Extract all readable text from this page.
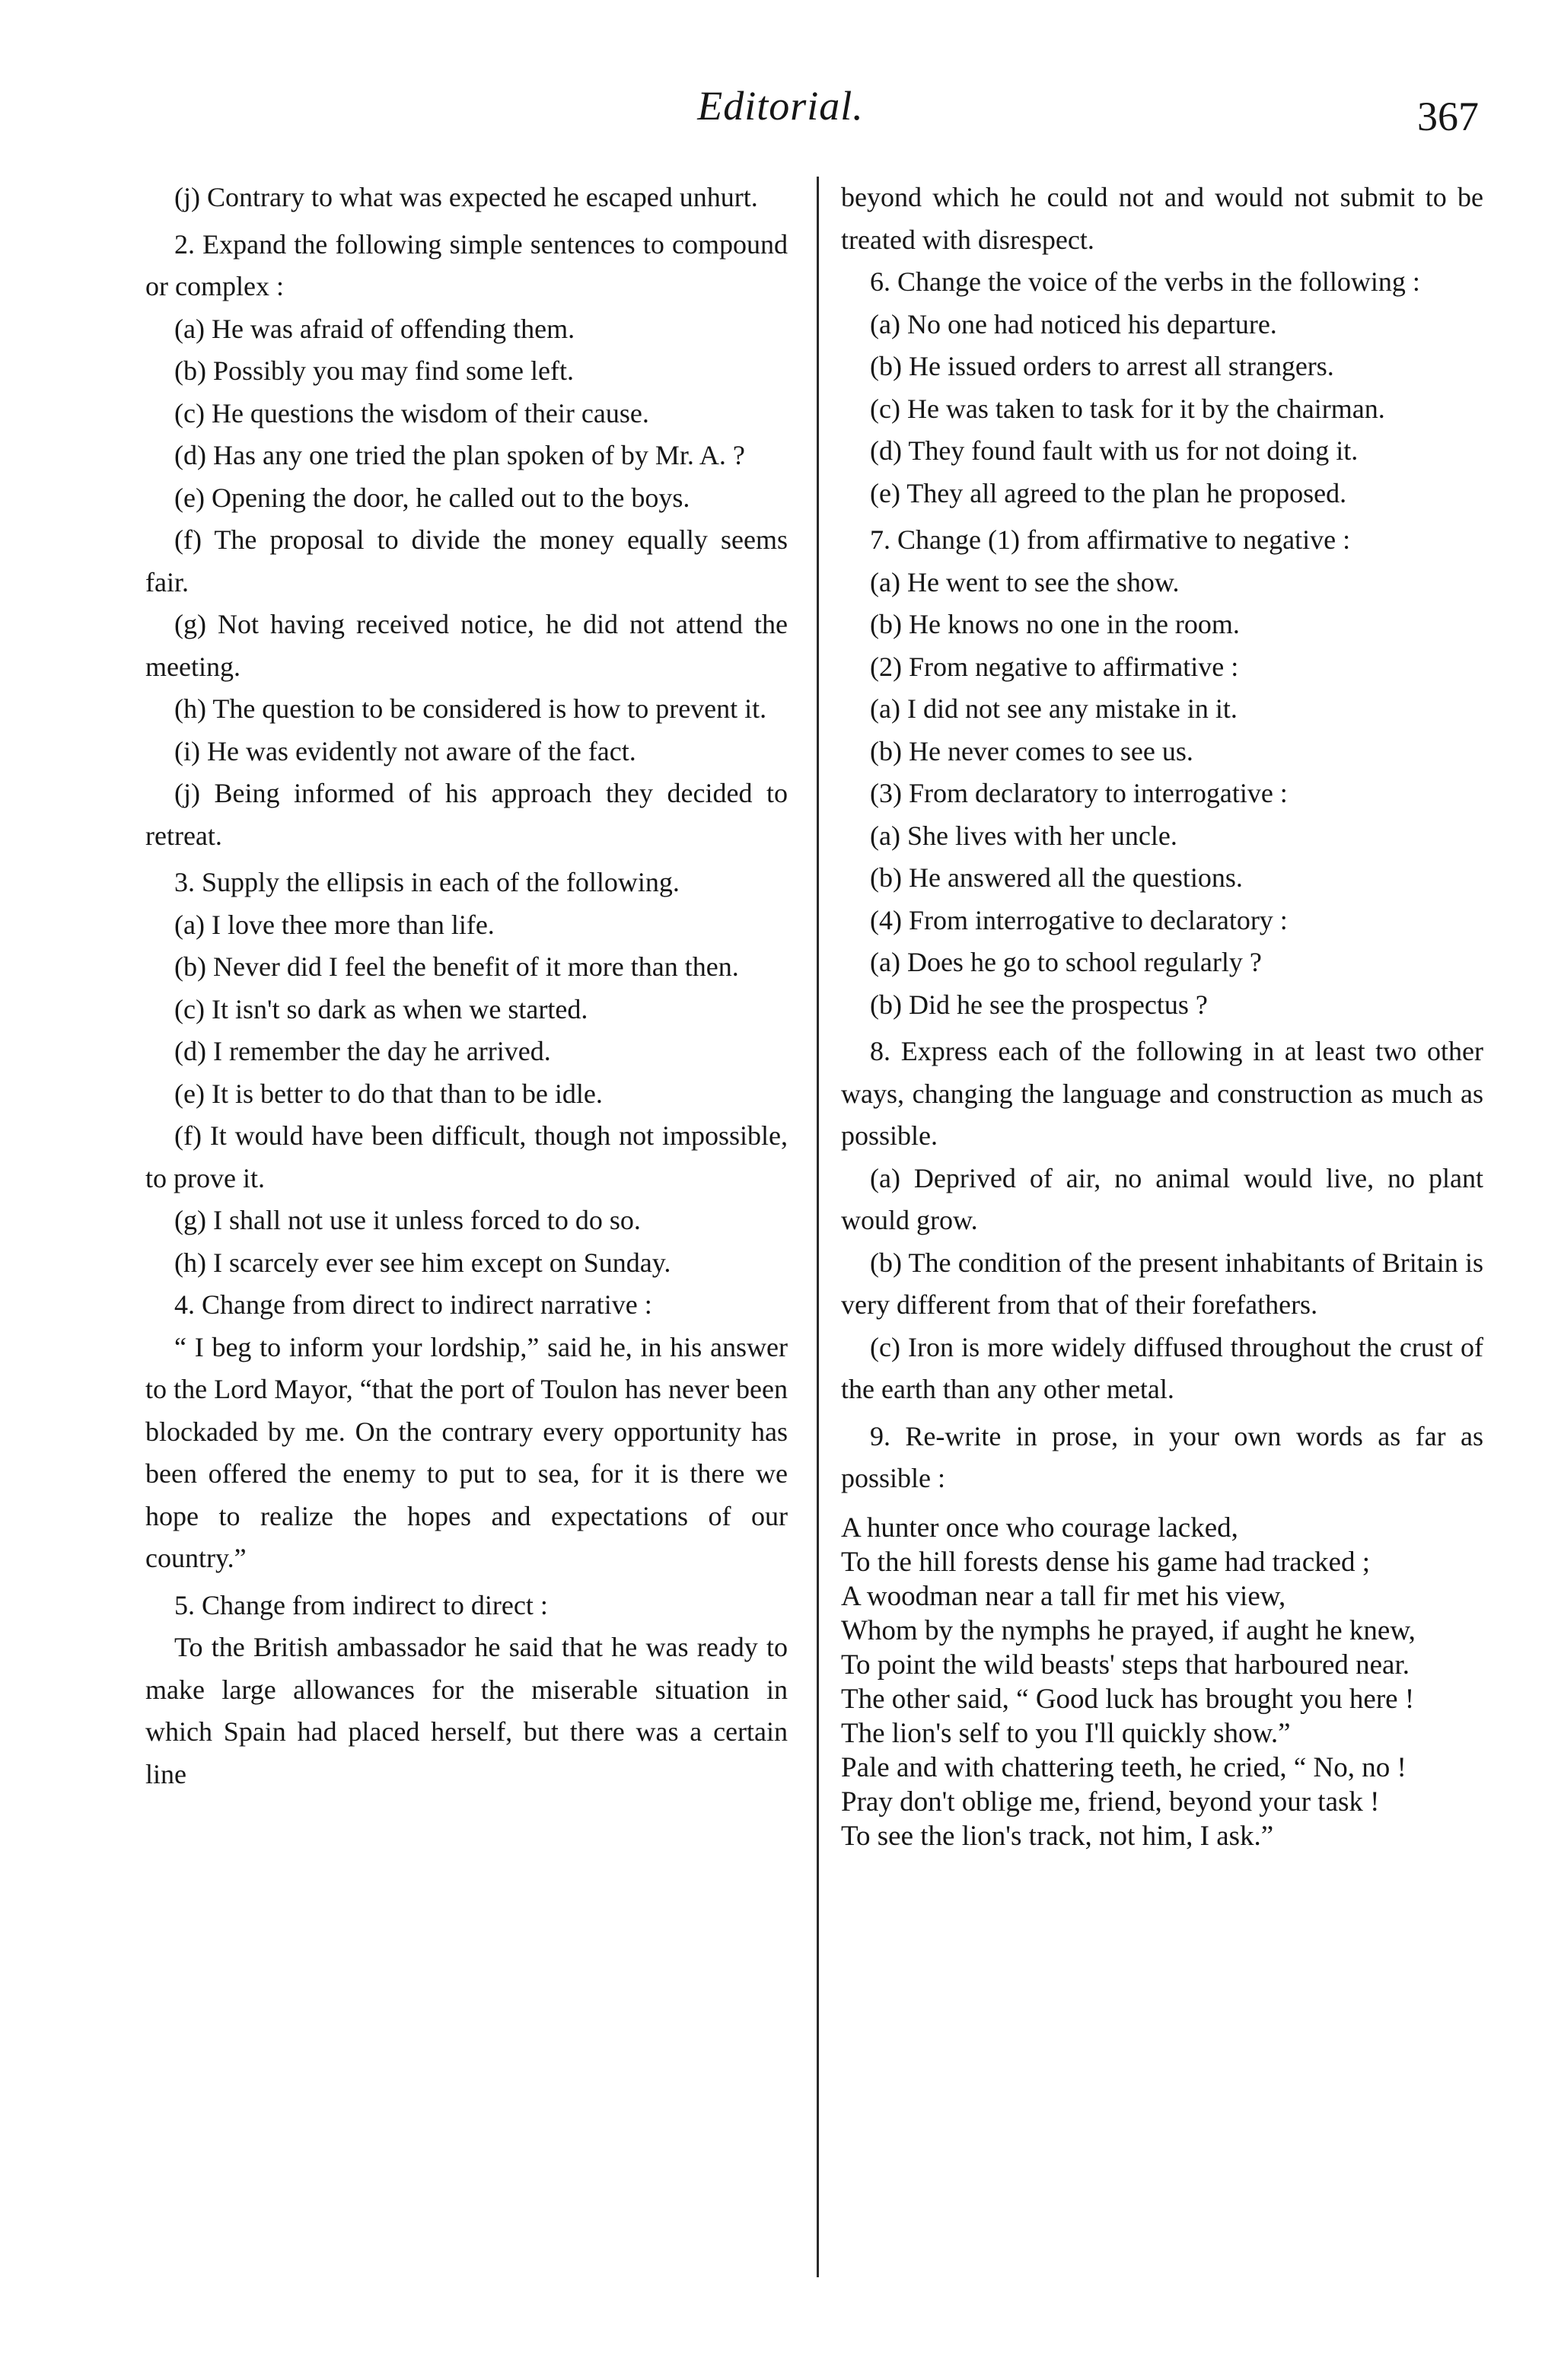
Editorial.	367

(j) Contrary to what was expected he escaped unhurt.

2. Expand the following simple sentences to compound or complex :

(a) He was afraid of offending them.

(b) Possibly you may find some left.

(c) He questions the wisdom of their cause.

(d) Has any one tried the plan spoken of by Mr. A. ?

(e) Opening the door, he called out to the boys.

(f) The proposal to divide the money equally seems fair.

(g) Not having received notice, he did not attend the meeting.

(h) The question to be considered is how to prevent it.

(i) He was evidently not aware of the fact.

(j) Being informed of his approach they decided to retreat.

3. Supply the ellipsis in each of the following.

(a) I love thee more than life.

(b) Never did I feel the benefit of it more than then.

(c) It isn't so dark as when we started.

(d) I remember the day he arrived.

(e) It is better to do that than to be idle.

(f) It would have been difficult, though not impossible, to prove it.

(g) I shall not use it unless forced to do so.

(h) I scarcely ever see him except on Sunday.

4. Change from direct to indirect narrative :

“ I beg to inform your lordship,” said he, in his answer to the Lord Mayor, “that the port of Toulon has never been blockaded by me. On the contrary every opportunity has been offered the enemy to put to sea, for it is there we hope to realize the hopes and expectations of our country.”

5. Change from indirect to direct :

To the British ambassador he said that he was ready to make large allowances for the miserable situation in which Spain had placed herself, but there was a certain line

beyond which he could not and would not submit to be treated with disrespect.

6. Change the voice of the verbs in the following :

(a) No one had noticed his departure.

(b) He issued orders to arrest all strangers.

(c) He was taken to task for it by the chairman.

(d) They found fault with us for not doing it.

(e) They all agreed to the plan he proposed.

7. Change (1) from affirmative to negative :

(a) He went to see the show.

(b) He knows no one in the room.

(2) From negative to affirmative :

(a) I did not see any mistake in it.

(b) He never comes to see us.

(3) From declaratory to interrogative :

(a) She lives with her uncle.

(b) He answered all the questions.

(4) From interrogative to declaratory :

(a) Does he go to school regularly ?

(b) Did he see the prospectus ?

8. Express each of the following in at least two other ways, changing the language and construction as much as possible.

(a) Deprived of air, no animal would live, no plant would grow.

(b) The condition of the present inhabitants of Britain is very different from that of their forefathers.

(c) Iron is more widely diffused throughout the crust of the earth than any other metal.

9. Re-write in prose, in your own words as far as possible :

A hunter once who courage lacked,

To the hill forests dense his game had tracked ;

A woodman near a tall fir met his view,

Whom by the nymphs he prayed, if aught he knew,

To point the wild beasts' steps that harboured near.

The other said, “ Good luck has brought you here !

The lion's self to you I'll quickly show.”

Pale and with chattering teeth, he cried, “ No, no !

Pray don't oblige me, friend, beyond your task !

To see the lion's track, not him, I ask.”
